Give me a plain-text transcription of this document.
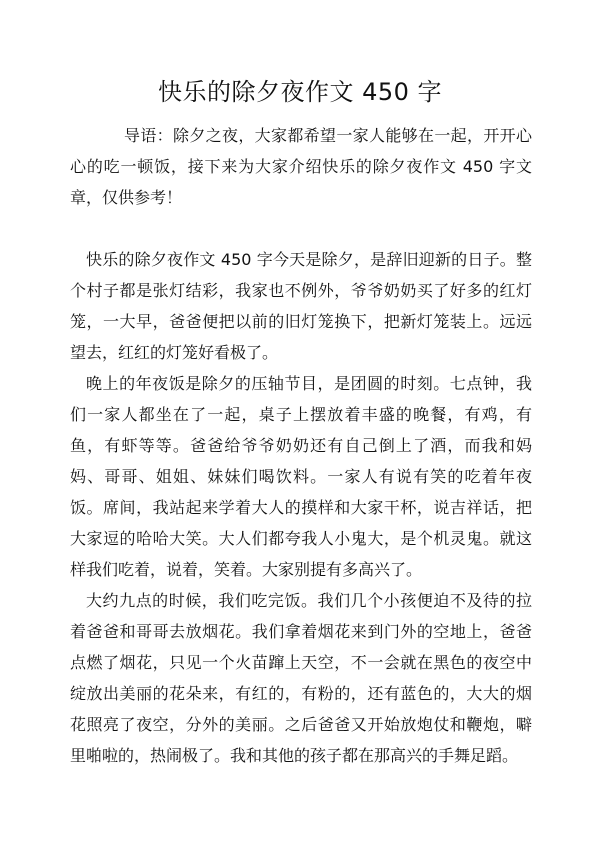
快乐的除夕夜作文 450 字
导语：除夕之夜，大家都希望一家人能够在一起，开开心心的吃一顿饭，接下来为大家介绍快乐的除夕夜作文 450 字文章，仅供参考！
快乐的除夕夜作文 450 字今天是除夕，是辞旧迎新的日子。整个村子都是张灯结彩，我家也不例外，爷爷奶奶买了好多的红灯笼，一大早，爸爸便把以前的旧灯笼换下，把新灯笼装上。远远望去，红红的灯笼好看极了。
晚上的年夜饭是除夕的压轴节目，是团圆的时刻。七点钟，我们一家人都坐在了一起，桌子上摆放着丰盛的晚餐，有鸡，有鱼，有虾等等。爸爸给爷爷奶奶还有自己倒上了酒，而我和妈妈、哥哥、姐姐、妹妹们喝饮料。一家人有说有笑的吃着年夜饭。席间，我站起来学着大人的摸样和大家干杯，说吉祥话，把大家逗的哈哈大笑。大人们都夸我人小鬼大，是个机灵鬼。就这样我们吃着，说着，笑着。大家别提有多高兴了。
大约九点的时候，我们吃完饭。我们几个小孩便迫不及待的拉着爸爸和哥哥去放烟花。我们拿着烟花来到门外的空地上，爸爸点燃了烟花，只见一个火苗蹿上天空，不一会就在黑色的夜空中绽放出美丽的花朵来，有红的，有粉的，还有蓝色的，大大的烟花照亮了夜空，分外的美丽。之后爸爸又开始放炮仗和鞭炮，噼里啪啦的，热闹极了。我和其他的孩子都在那高兴的手舞足蹈。
